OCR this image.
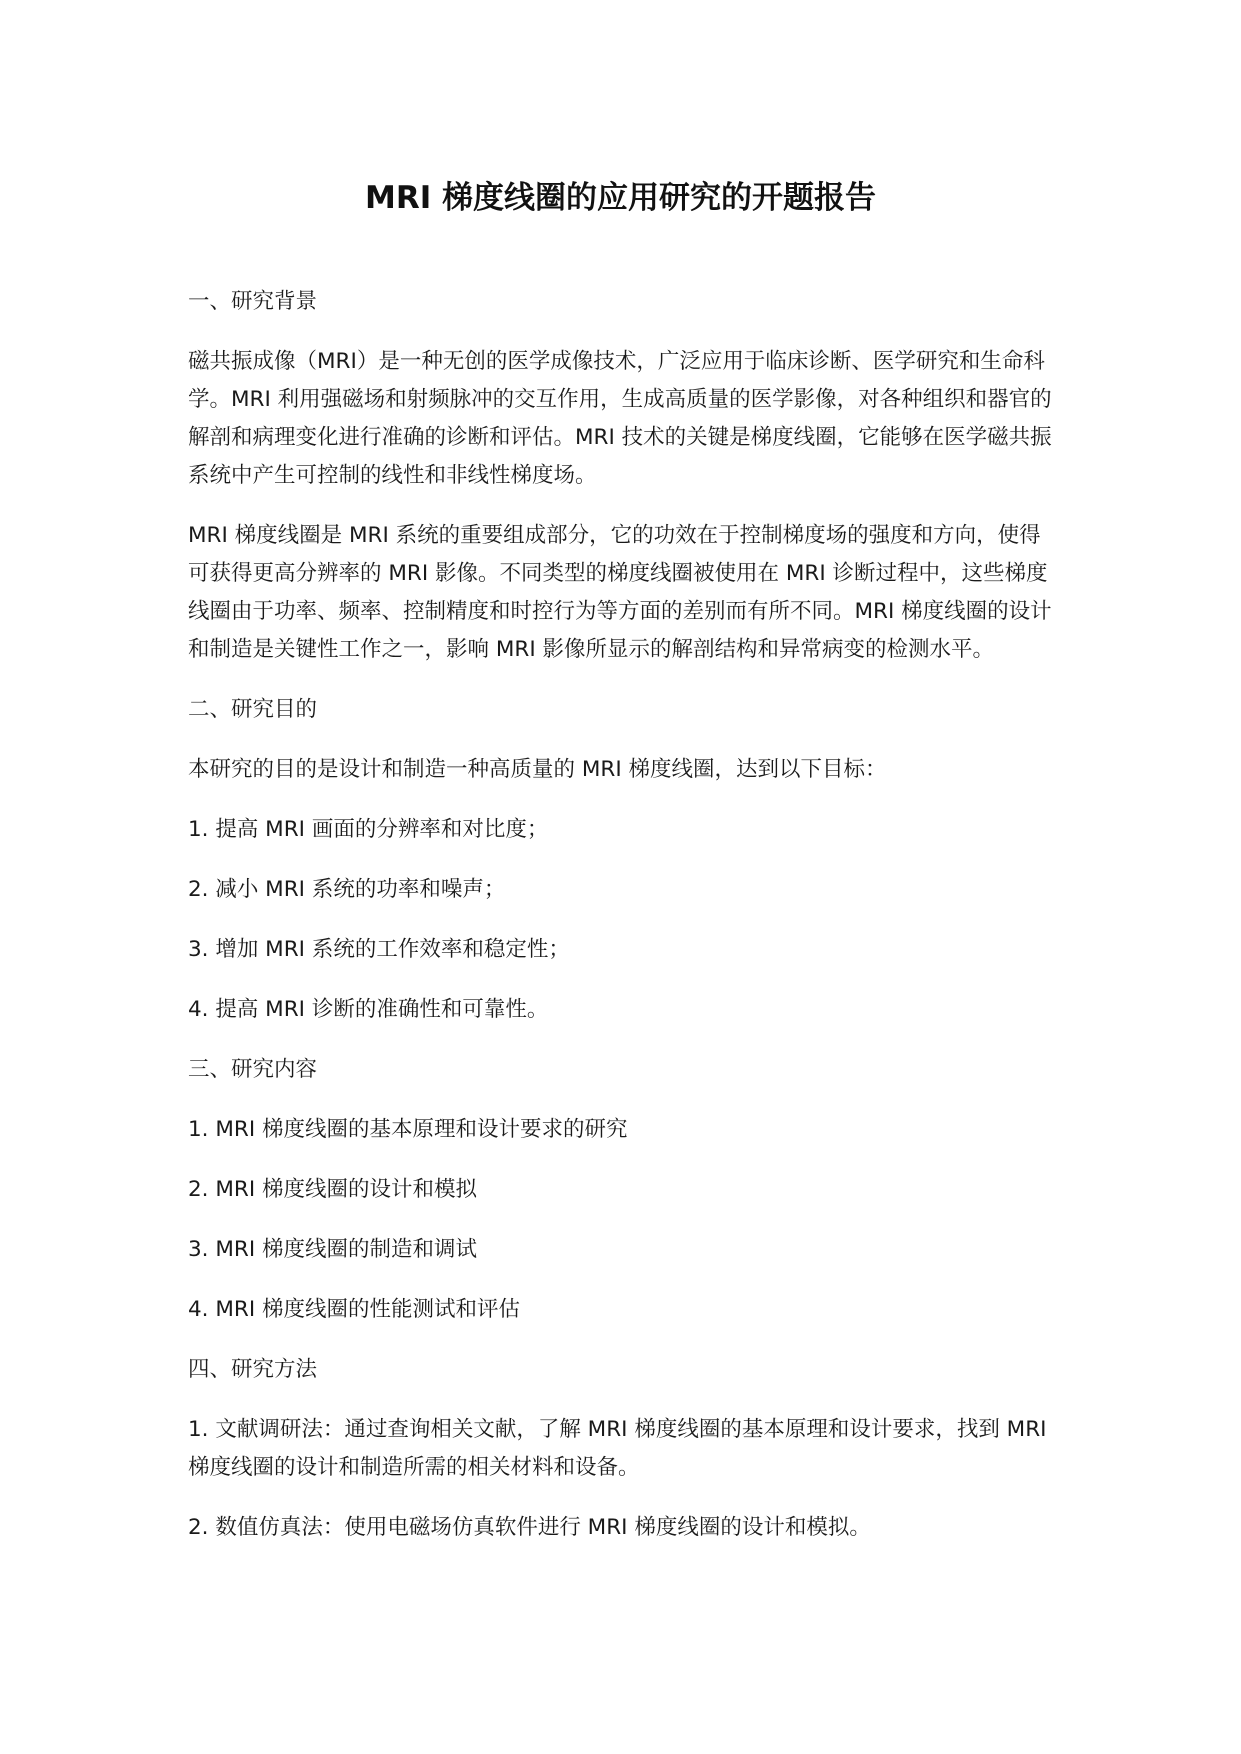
MRI 梯度线圈的应用研究的开题报告
一、研究背景

磁共振成像（MRI）是一种无创的医学成像技术，广泛应用于临床诊断、医学研究和生命科学。MRI 利用强磁场和射频脉冲的交互作用，生成高质量的医学影像，对各种组织和器官的解剖和病理变化进行准确的诊断和评估。MRI 技术的关键是梯度线圈，它能够在医学磁共振系统中产生可控制的线性和非线性梯度场。

MRI 梯度线圈是 MRI 系统的重要组成部分，它的功效在于控制梯度场的强度和方向，使得可获得更高分辨率的 MRI 影像。不同类型的梯度线圈被使用在 MRI 诊断过程中，这些梯度线圈由于功率、频率、控制精度和时控行为等方面的差别而有所不同。MRI 梯度线圈的设计和制造是关键性工作之一，影响 MRI 影像所显示的解剖结构和异常病变的检测水平。

二、研究目的

本研究的目的是设计和制造一种高质量的 MRI 梯度线圈，达到以下目标：

1. 提高 MRI 画面的分辨率和对比度；
2. 减小 MRI 系统的功率和噪声；
3. 增加 MRI 系统的工作效率和稳定性；
4. 提高 MRI 诊断的准确性和可靠性。
三、研究内容
1. MRI 梯度线圈的基本原理和设计要求的研究
2. MRI 梯度线圈的设计和模拟
3. MRI 梯度线圈的制造和调试
4. MRI 梯度线圈的性能测试和评估
四、研究方法
1. 文献调研法：通过查询相关文献，了解 MRI 梯度线圈的基本原理和设计要求，找到 MRI 梯度线圈的设计和制造所需的相关材料和设备。
2. 数值仿真法：使用电磁场仿真软件进行 MRI 梯度线圈的设计和模拟。
